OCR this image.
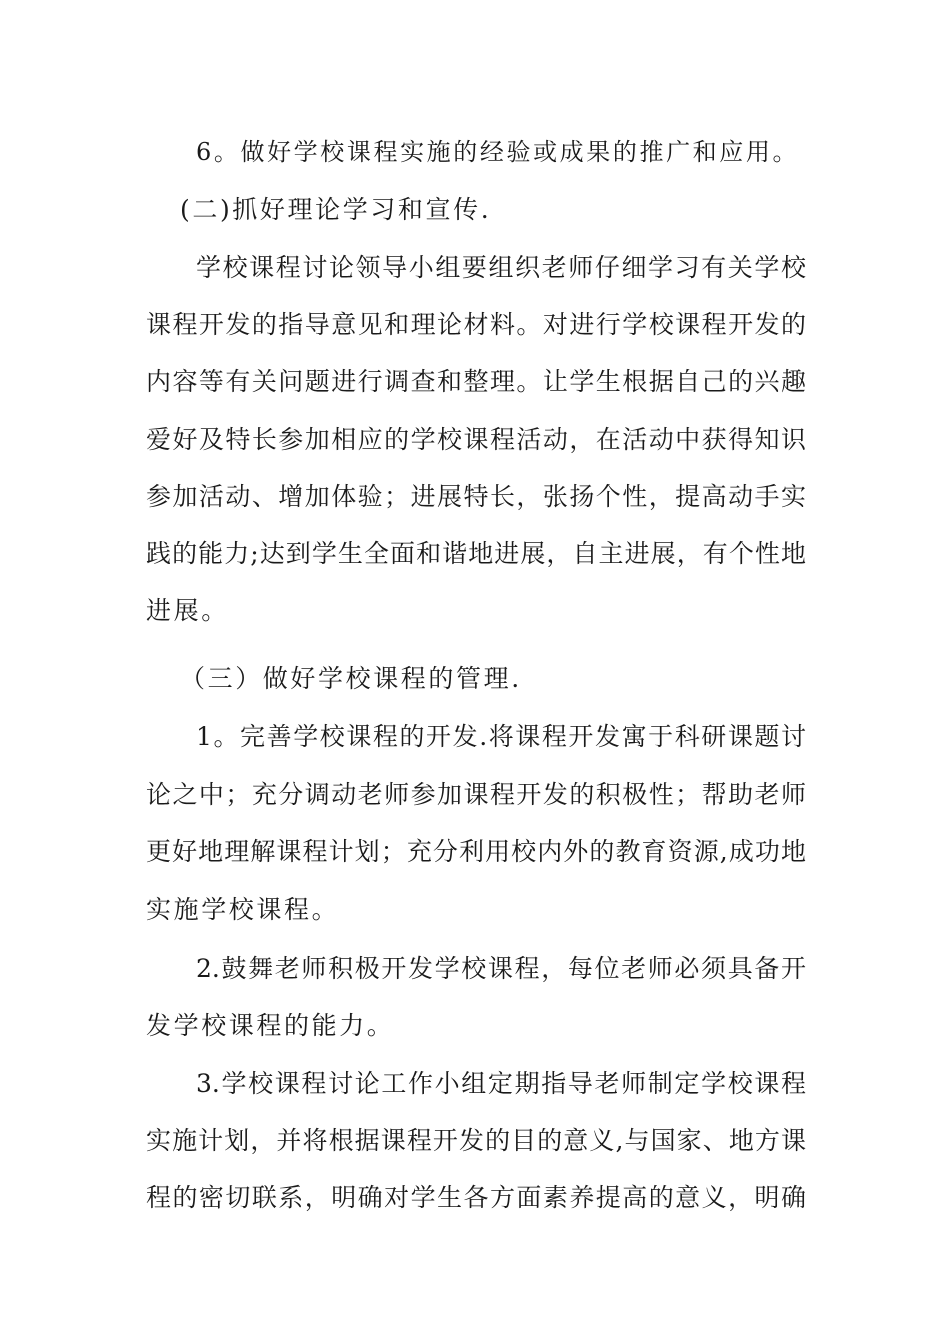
6。做好学校课程实施的经验或成果的推广和应用。
(二)抓好理论学习和宣传.
学校课程讨论领导小组要组织老师仔细学习有关学校
课程开发的指导意见和理论材料。对进行学校课程开发的
内容等有关问题进行调查和整理。让学生根据自己的兴趣
爱好及特长参加相应的学校课程活动，在活动中获得知识
参加活动、增加体验；进展特长，张扬个性，提高动手实
践的能力;达到学生全面和谐地进展，自主进展，有个性地
进展。
（三）做好学校课程的管理.
1。完善学校课程的开发.将课程开发寓于科研课题讨
论之中；充分调动老师参加课程开发的积极性；帮助老师
更好地理解课程计划；充分利用校内外的教育资源,成功地
实施学校课程。
2.鼓舞老师积极开发学校课程，每位老师必须具备开
发学校课程的能力。
3.学校课程讨论工作小组定期指导老师制定学校课程
实施计划，并将根据课程开发的目的意义,与国家、地方课
程的密切联系，明确对学生各方面素养提高的意义，明确
